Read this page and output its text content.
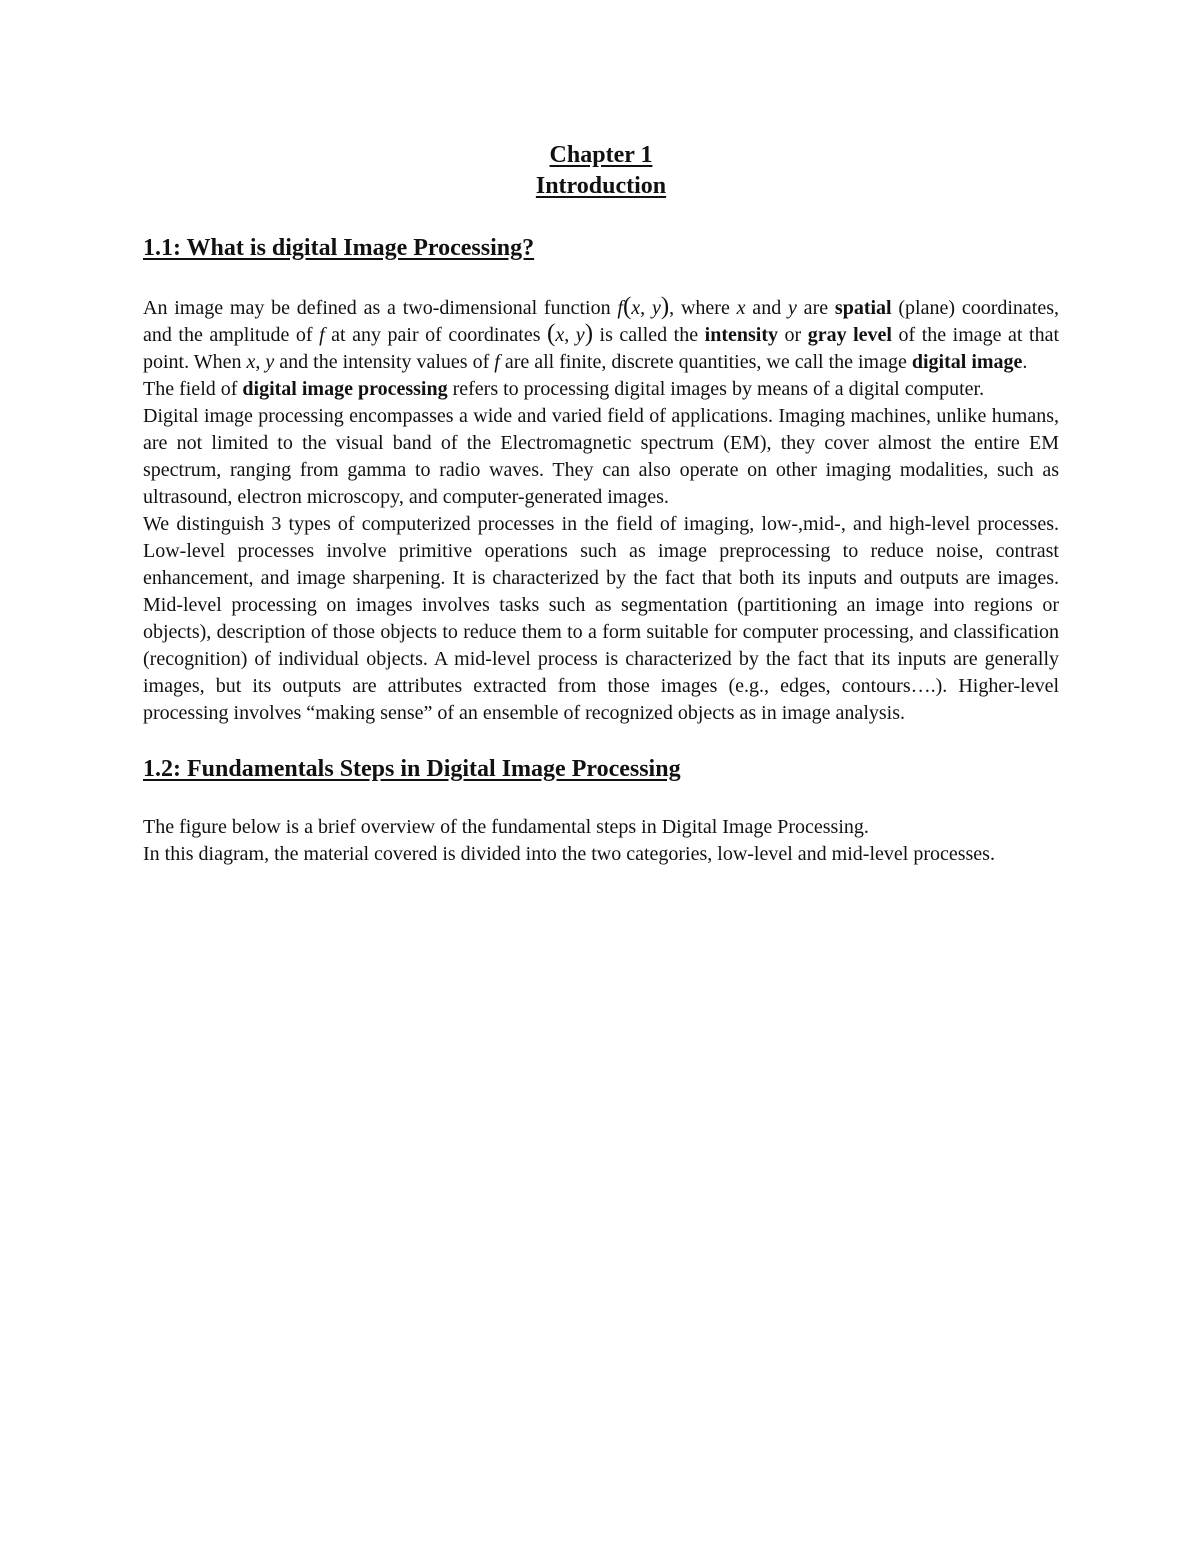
Chapter 1
Introduction
1.1: What is digital Image Processing?

An image may be defined as a two-dimensional function f(x, y), where x and y are spatial (plane) coordinates, and the amplitude of f at any pair of coordinates (x, y) is called the intensity or gray level of the image at that point. When x, y and the intensity values of f are all finite, discrete quantities, we call the image digital image.

The field of digital image processing refers to processing digital images by means of a digital computer.

Digital image processing encompasses a wide and varied field of applications. Imaging machines, unlike humans, are not limited to the visual band of the Electromagnetic spectrum (EM), they cover almost the entire EM spectrum, ranging from gamma to radio waves. They can also operate on other imaging modalities, such as ultrasound, electron microscopy, and computer-generated images.

We distinguish 3 types of computerized processes in the field of imaging, low-,mid-, and high-level processes. Low-level processes involve primitive operations such as image preprocessing to reduce noise, contrast enhancement, and image sharpening. It is characterized by the fact that both its inputs and outputs are images. Mid-level processing on images involves tasks such as segmentation (partitioning an image into regions or objects), description of those objects to reduce them to a form suitable for computer processing, and classification (recognition) of individual objects. A mid-level process is characterized by the fact that its inputs are generally images, but its outputs are attributes extracted from those images (e.g., edges, contours….). Higher-level processing involves “making sense” of an ensemble of recognized objects as in image analysis.

1.2: Fundamentals Steps in Digital Image Processing

The figure below is a brief overview of the fundamental steps in Digital Image Processing.

In this diagram, the material covered is divided into the two categories, low-level and mid-level processes.
